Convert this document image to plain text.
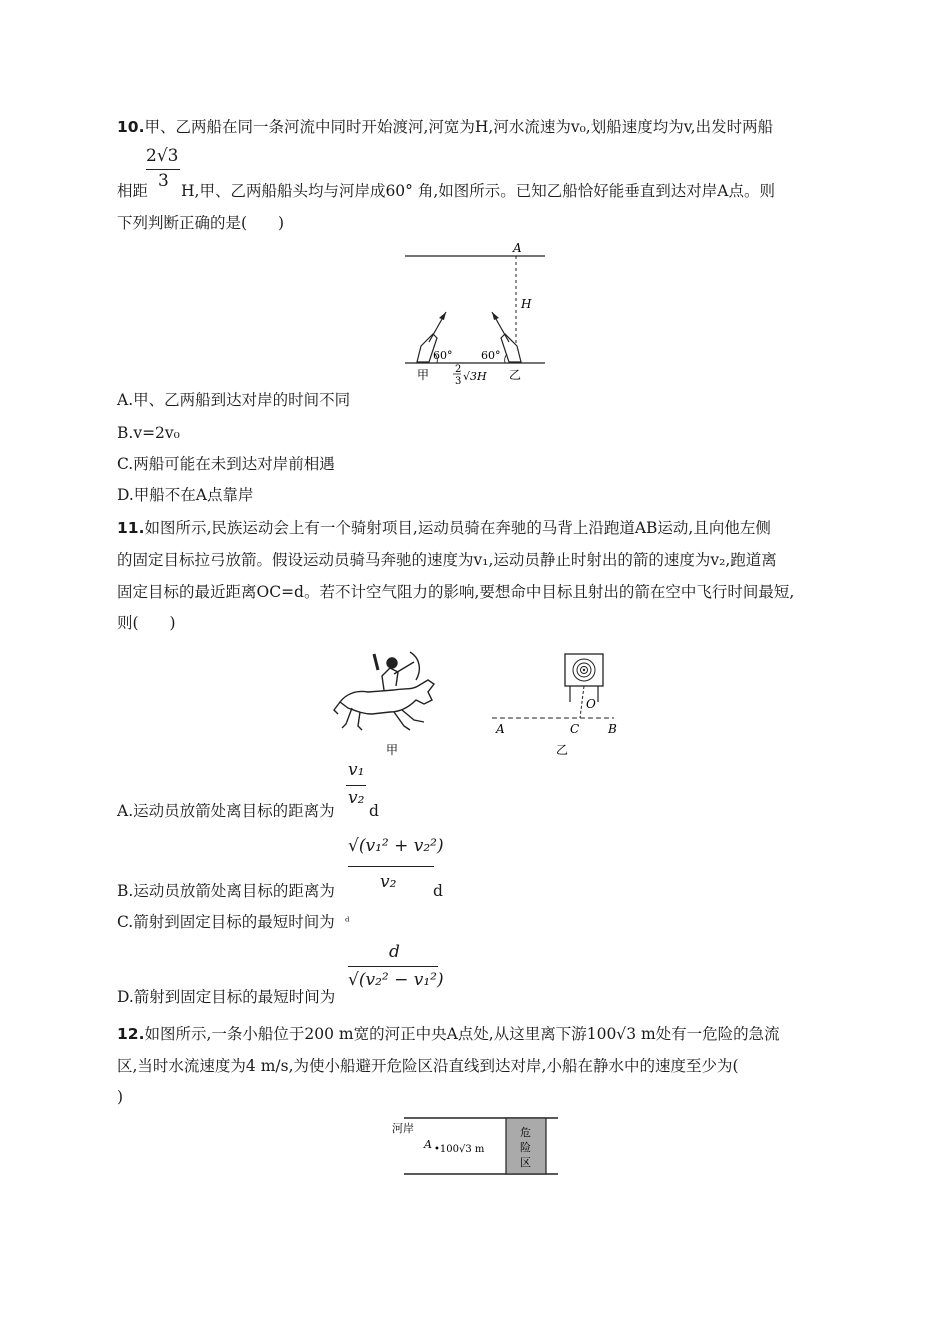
10.甲、乙两船在同一条河流中同时开始渡河,河宽为H,河水流速为v₀,划船速度均为v,出发时两船
2√3
3
相距 H,甲、乙两船船头均与河岸成60° 角,如图所示。已知乙船恰好能垂直到达对岸A点。则
下列判断正确的是(　　)
A
H
60°	60°
甲	乙
2
3 √3H
A.甲、乙两船到达对岸的时间不同
B.v=2v₀
C.两船可能在未到达对岸前相遇
D.甲船不在A点靠岸
11.如图所示,民族运动会上有一个骑射项目,运动员骑在奔驰的马背上沿跑道AB运动,且向他左侧
的固定目标拉弓放箭。假设运动员骑马奔驰的速度为v₁,运动员静止时射出的箭的速度为v₂,跑道离
固定目标的最近距离OC=d。若不计空气阻力的影响,要想命中目标且射出的箭在空中飞行时间最短,
则(　　)
甲
O
A	C B
乙
v₁
v₂
A.运动员放箭处离目标的距离为 d
√(v₁² + v₂²)
v₂
B.运动员放箭处离目标的距离为	d
C.箭射到固定目标的最短时间为 ᵈ
d
√(v₂² − v₁²)
D.箭射到固定目标的最短时间为
12.如图所示,一条小船位于200 m宽的河正中央A点处,从这里离下游100√3 m处有一危险的急流
区,当时水流速度为4 m/s,为使小船避开危险区沿直线到达对岸,小船在静水中的速度至少为(
)
河岸
A •100√3 m
危
险
区
